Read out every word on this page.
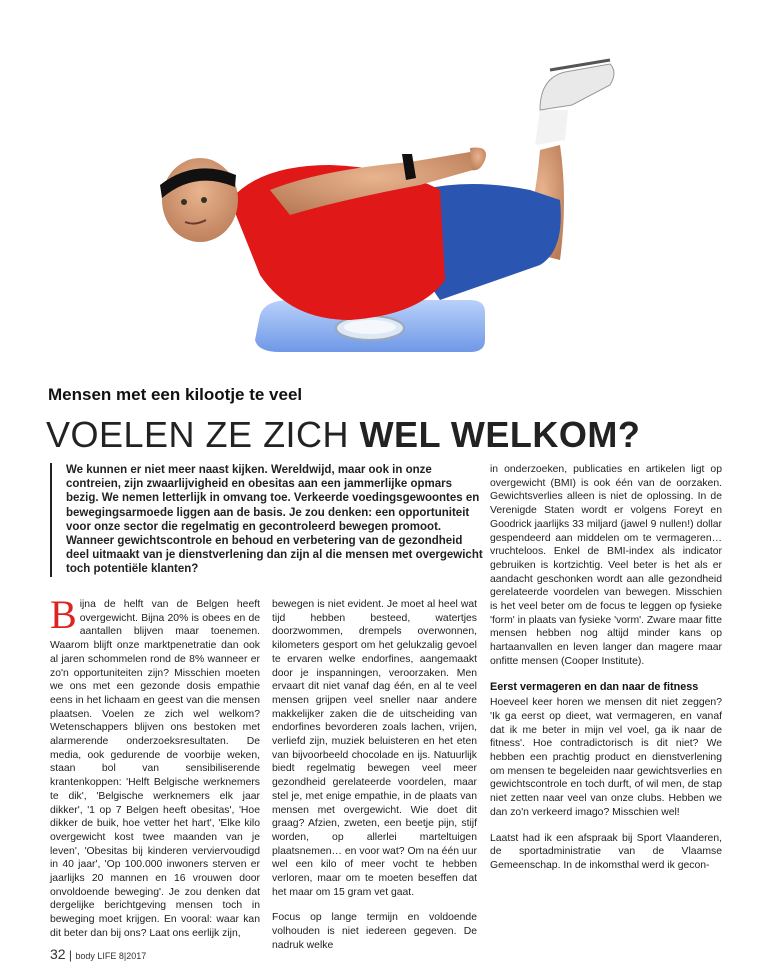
Mensen met een kilootje te veel
VOELEN ZE ZICH WEL WELKOM?
We kunnen er niet meer naast kijken. Wereldwijd, maar ook in onze contreien, zijn zwaarlijvigheid en obesitas aan een jammerlijke opmars bezig. We nemen letterlijk in omvang toe. Verkeerde voedingsgewoontes en bewegingsarmoede liggen aan de basis. Je zou denken: een opportuniteit voor onze sector die regelmatig en gecontroleerd bewegen promoot. Wanneer gewichtscontrole en behoud en verbetering van de gezondheid deel uitmaakt van je dienstverlening dan zijn al die mensen met overgewicht toch potentiële klanten?

Bijna de helft van de Belgen heeft overgewicht. Bijna 20% is obees en de aantallen blijven maar toenemen. Waarom blijft onze marktpenetratie dan ook al jaren schommelen rond de 8% wanneer er zo'n opportuniteiten zijn? Misschien moeten we ons met een gezonde dosis empathie eens in het lichaam en geest van die mensen plaatsen. Voelen ze zich wel welkom? Wetenschappers blijven ons bestoken met alarmerende onderzoeksresultaten. De media, ook gedurende de voorbije weken, staan bol van sensibiliserende krantenkoppen: 'Helft Belgische werknemers te dik', 'Belgische werknemers elk jaar dikker', '1 op 7 Belgen heeft obesitas', 'Hoe dikker de buik, hoe vetter het hart', 'Elke kilo overgewicht kost twee maanden van je leven', 'Obesitas bij kinderen verviervoudigd in 40 jaar', 'Op 100.000 inwoners sterven er jaarlijks 20 mannen en 16 vrouwen door onvoldoende beweging'. Je zou denken dat dergelijke berichtgeving mensen toch in beweging moet krijgen. En vooral: waar kan dit beter dan bij ons? Laat ons eerlijk zijn,

bewegen is niet evident. Je moet al heel wat tijd hebben besteed, watertjes doorzwommen, drempels overwonnen, kilometers gesport om het gelukzalig gevoel te ervaren welke endorfines, aangemaakt door je inspanningen, veroorzaken. Men ervaart dit niet vanaf dag één, en al te veel mensen grijpen veel sneller naar andere makkelijker zaken die de uitscheiding van endorfines bevorderen zoals lachen, vrijen, verliefd zijn, muziek beluisteren en het eten van bijvoorbeeld chocolade en ijs. Natuurlijk biedt regelmatig bewegen veel meer gezondheid gerelateerde voordelen, maar stel je, met enige empathie, in de plaats van mensen met overgewicht. Wie doet dit graag? Afzien, zweten, een beetje pijn, stijf worden, op allerlei marteltuigen plaatsnemen… en voor wat? Om na één uur wel een kilo of meer vocht te hebben verloren, maar om te moeten beseffen dat het maar om 15 gram vet gaat.

Focus op lange termijn en voldoende volhouden is niet iedereen gegeven. De nadruk welke

in onderzoeken, publicaties en artikelen ligt op overgewicht (BMI) is ook één van de oorzaken. Gewichtsverlies alleen is niet de oplossing. In de Verenigde Staten wordt er volgens Foreyt en Goodrick jaarlijks 33 miljard (jawel 9 nullen!) dollar gespendeerd aan middelen om te vermageren… vruchteloos. Enkel de BMI-index als indicator gebruiken is kortzichtig. Veel beter is het als er aandacht geschonken wordt aan alle gezondheid gerelateerde voordelen van bewegen. Misschien is het veel beter om de focus te leggen op fysieke 'form' in plaats van fysieke 'vorm'. Zware maar fitte mensen hebben nog altijd minder kans op hartaanvallen en leven langer dan magere maar onfitte mensen (Cooper Institute).

Eerst vermageren en dan naar de fitness

Hoeveel keer horen we mensen dit niet zeggen? 'Ik ga eerst op dieet, wat vermageren, en vanaf dat ik me beter in mijn vel voel, ga ik naar de fitness'. Hoe contradictorisch is dit niet? We hebben een prachtig product en dienstverlening om mensen te begeleiden naar gewichtsverlies en gewichtscontrole en toch durft, of wil men, de stap niet zetten naar veel van onze clubs. Hebben we dan zo'n verkeerd imago? Misschien wel!

Laatst had ik een afspraak bij Sport Vlaanderen, de sportadministratie van de Vlaamse Gemeenschap. In de inkomsthal werd ik gecon-

32 | body LIFE 8|2017
